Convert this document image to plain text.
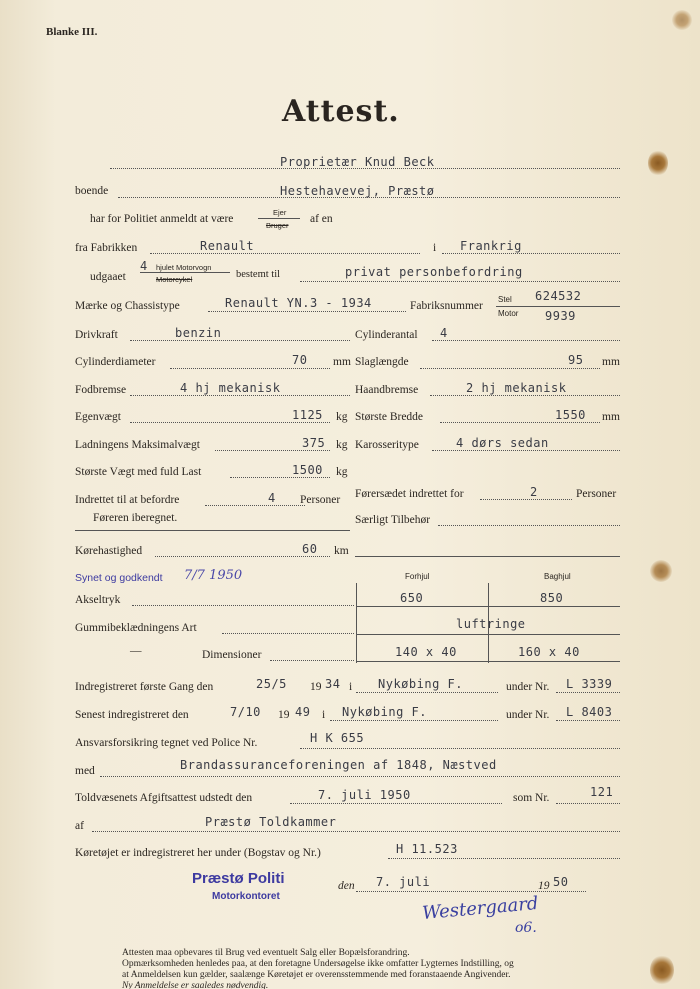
Blanke III.
Attest.
Proprietær Knud Beck
boende	Hestehavevej, Præstø
har for Politiet anmeldt at være
Ejer
Bruger
af en
fra Fabrikken	Renault	i Frankrig
udgaaet
4 hjulet Motorvogn
Motorcykel	bestemt til	privat personbefordring
Mærke og Chassistype	Renault YN.3 - 1934	Fabriksnummer
Stel 624532
Motor 9939
Drivkraft	benzin	Cylinderantal 4
Cylinderdiameter	70 mm Slaglængde	95 mm
Fodbremse	4 hj mekanisk	Haandbremse	2 hj mekanisk
Egenvægt	1125 kg Største Bredde	1550 mm
Ladningens Maksimalvægt	375 kg Karosseritype	4 dørs sedan
Største Vægt med fuld Last	1500 kg
Indrettet til at befordre	4 Personer
Føreren iberegnet.
Førersædet indrettet for	2	Personer
Særligt Tilbehør
Kørehastighed	60 km
Synet og godkendt 7/7 1950	Forhjul	Baghjul
Akseltryk	650	850
Gummibeklædningens Art	luftringe
—	Dimensioner	140 x 40	160 x 40
Indregistreret første Gang den	25/5 19 34 i Nykøbing F.	under Nr. L 3339
Senest indregistreret den	7/10 19 49 i Nykøbing F.	under Nr. L 8403
Ansvarsforsikring tegnet ved Police Nr.	H K 655
med	Brandassuranceforeningen af 1848, Næstved
Toldvæsenets Afgiftsattest udstedt den	7. juli 1950	som Nr.	121
af	Præstø Toldkammer
Køretøjet er indregistreret her under (Bogstav og Nr.)	H 11.523
Præstø Politi
Motorkontoret
den 7. juli	19 50
Westergaard
o6.
Attesten maa opbevares til Brug ved eventuelt Salg eller Bopælsforandring.
Opmærksomheden henledes paa, at den foretagne Undersøgelse ikke omfatter Lygternes Indstilling, og
at Anmeldelsen kun gælder, saalænge Køretøjet er overensstemmende med foranstaaende Angivender.
Ny Anmeldelse er saaledes nødvendig.
